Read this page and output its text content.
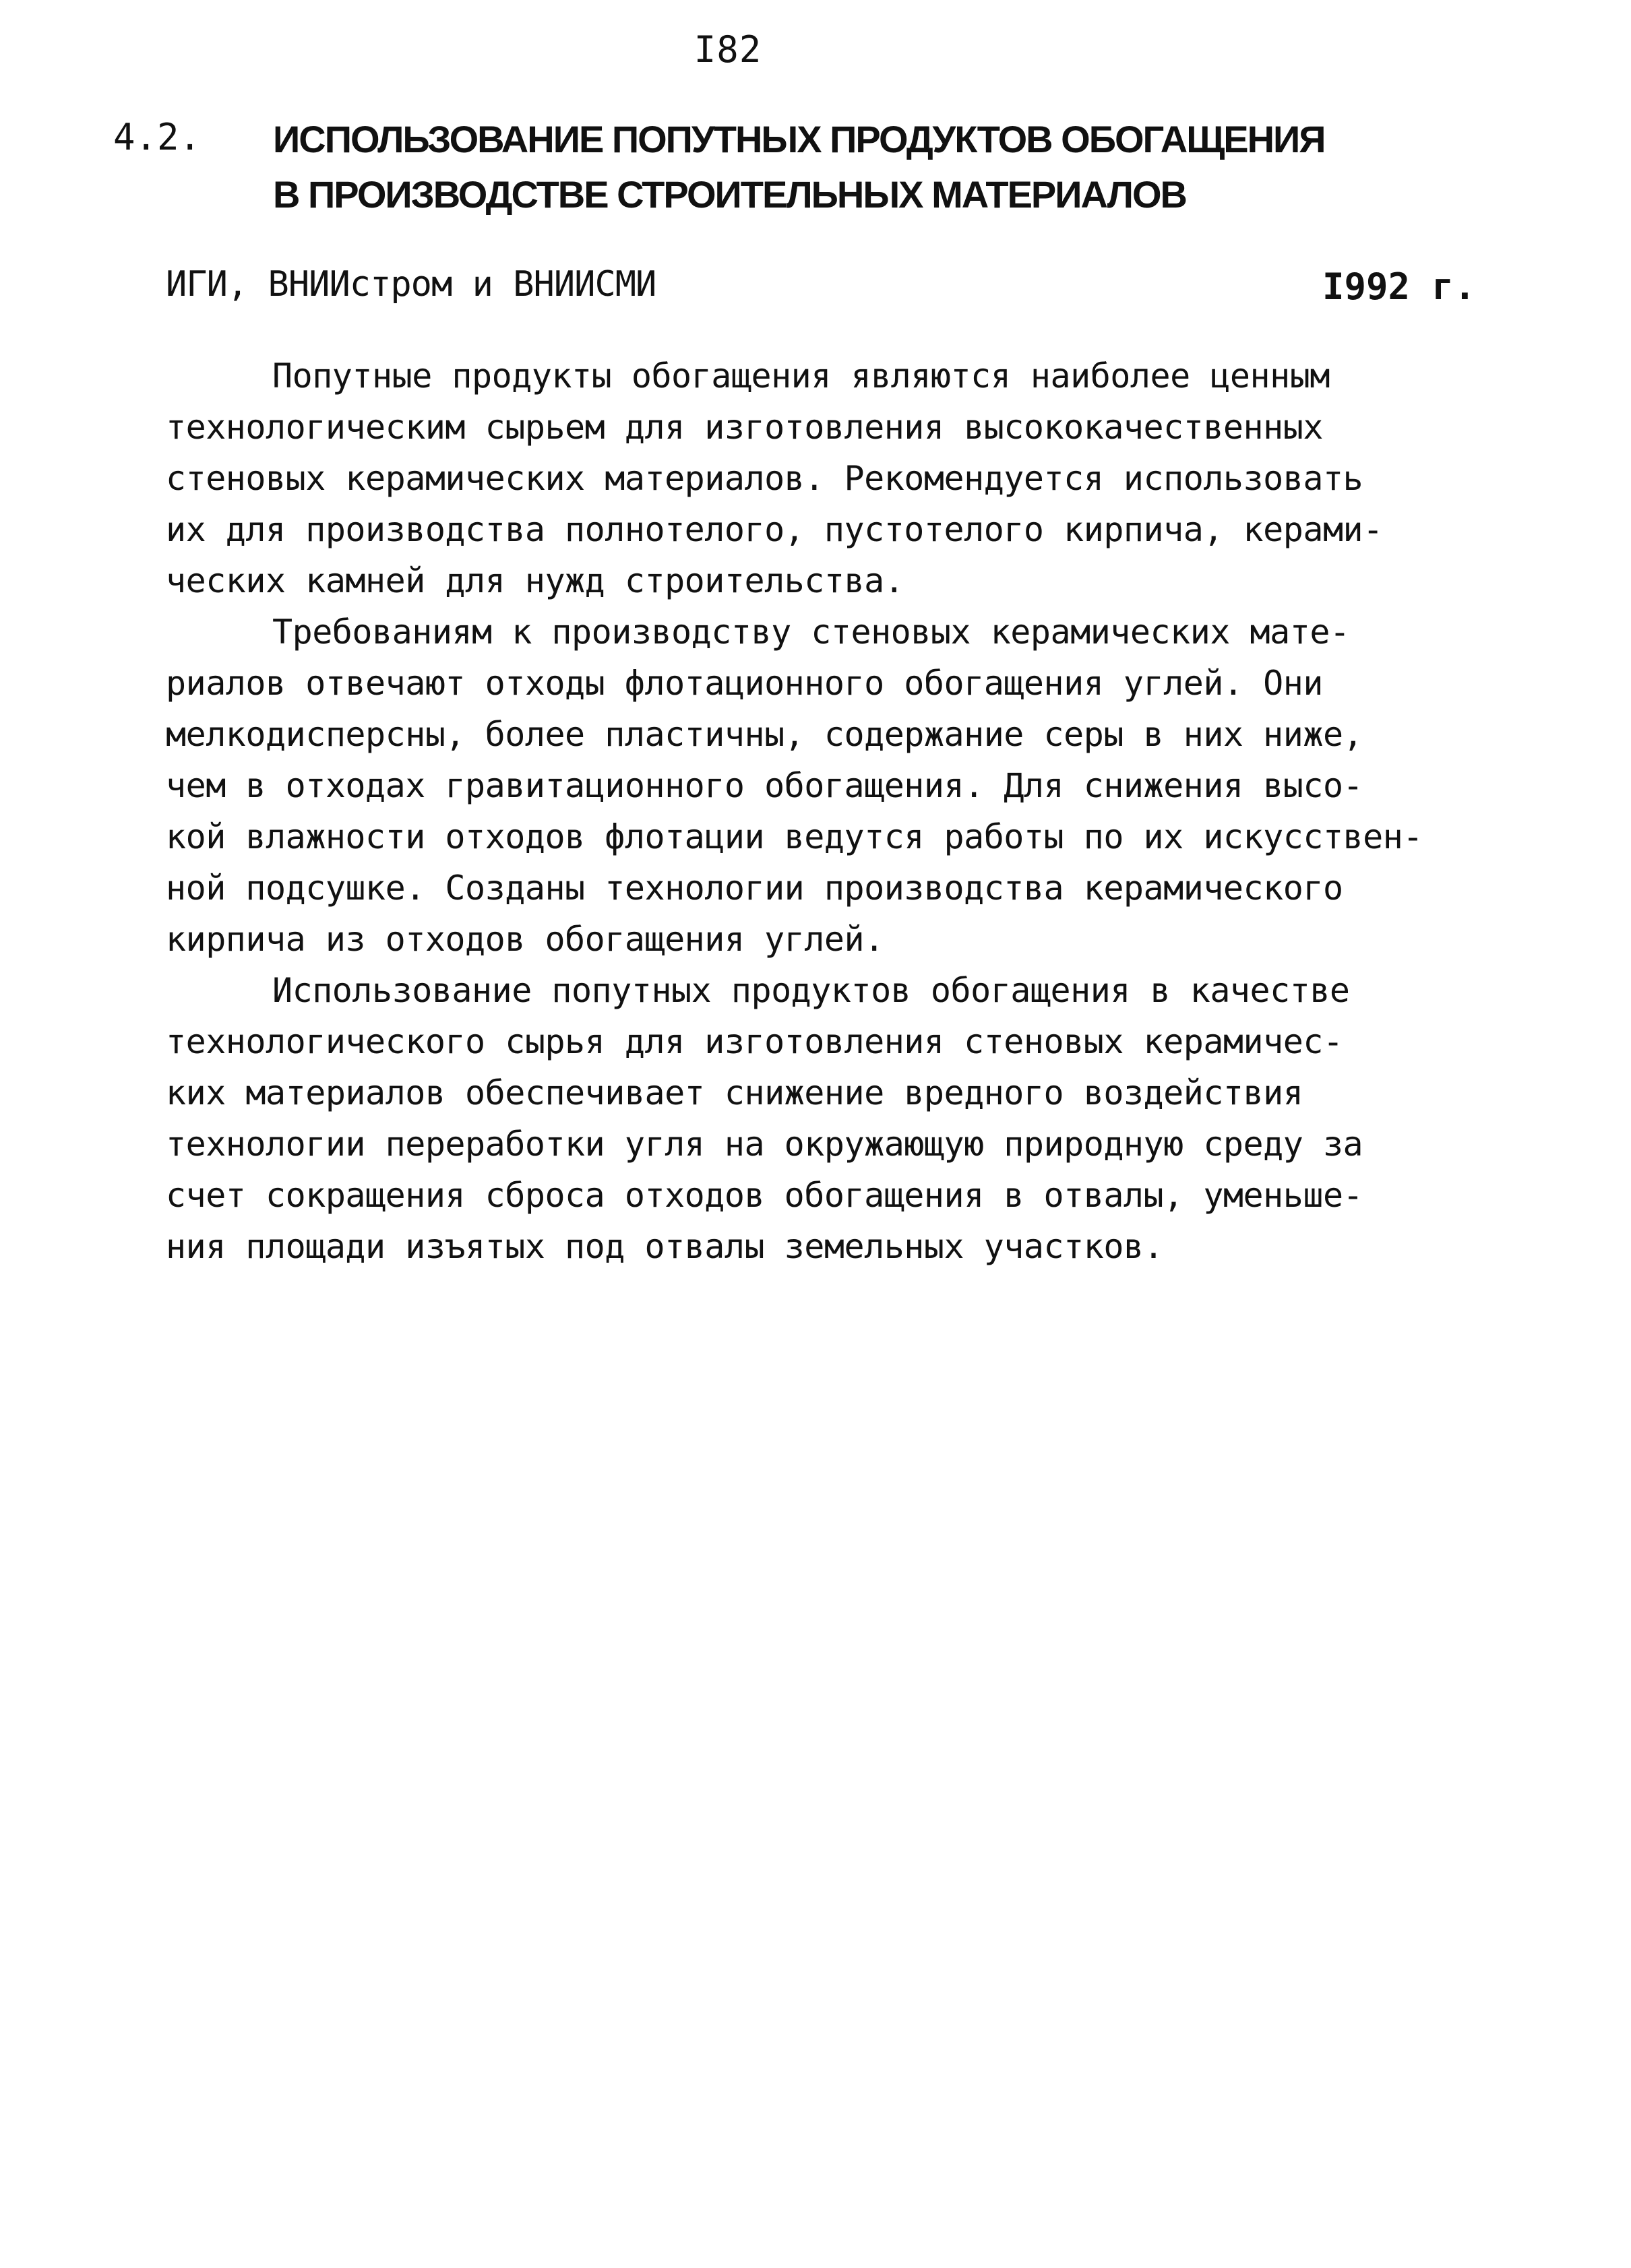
I82
4.2. ИСПОЛЬЗОВАНИЕ ПОПУТНЫХ ПРОДУКТОВ ОБОГАЩЕНИЯ
В ПРОИЗВОДСТВЕ СТРОИТЕЛЬНЫХ МАТЕРИАЛОВ
ИГИ, ВНИИстром и ВНИИСМИ	I992 г.
Попутные продукты обогащения являются наиболее ценным
технологическим сырьем для изготовления высококачественных
стеновых керамических материалов. Рекомендуется использовать
их для производства полнотелого, пустотелого кирпича, керами-
ческих камней для нужд строительства.
Требованиям к производству стеновых керамических мате-
риалов отвечают отходы флотационного обогащения углей. Они
мелкодисперсны, более пластичны, содержание серы в них ниже,
чем в отходах гравитационного обогащения. Для снижения высо-
кой влажности отходов флотации ведутся работы по их искусствен-
ной подсушке. Созданы технологии производства керамического
кирпича из отходов обогащения углей.
Использование попутных продуктов обогащения в качестве
технологического сырья для изготовления стеновых керамичес-
ких материалов обеспечивает снижение вредного воздействия
технологии переработки угля на окружающую природную среду за
счет сокращения сброса отходов обогащения в отвалы, уменьше-
ния площади изъятых под отвалы земельных участков.
